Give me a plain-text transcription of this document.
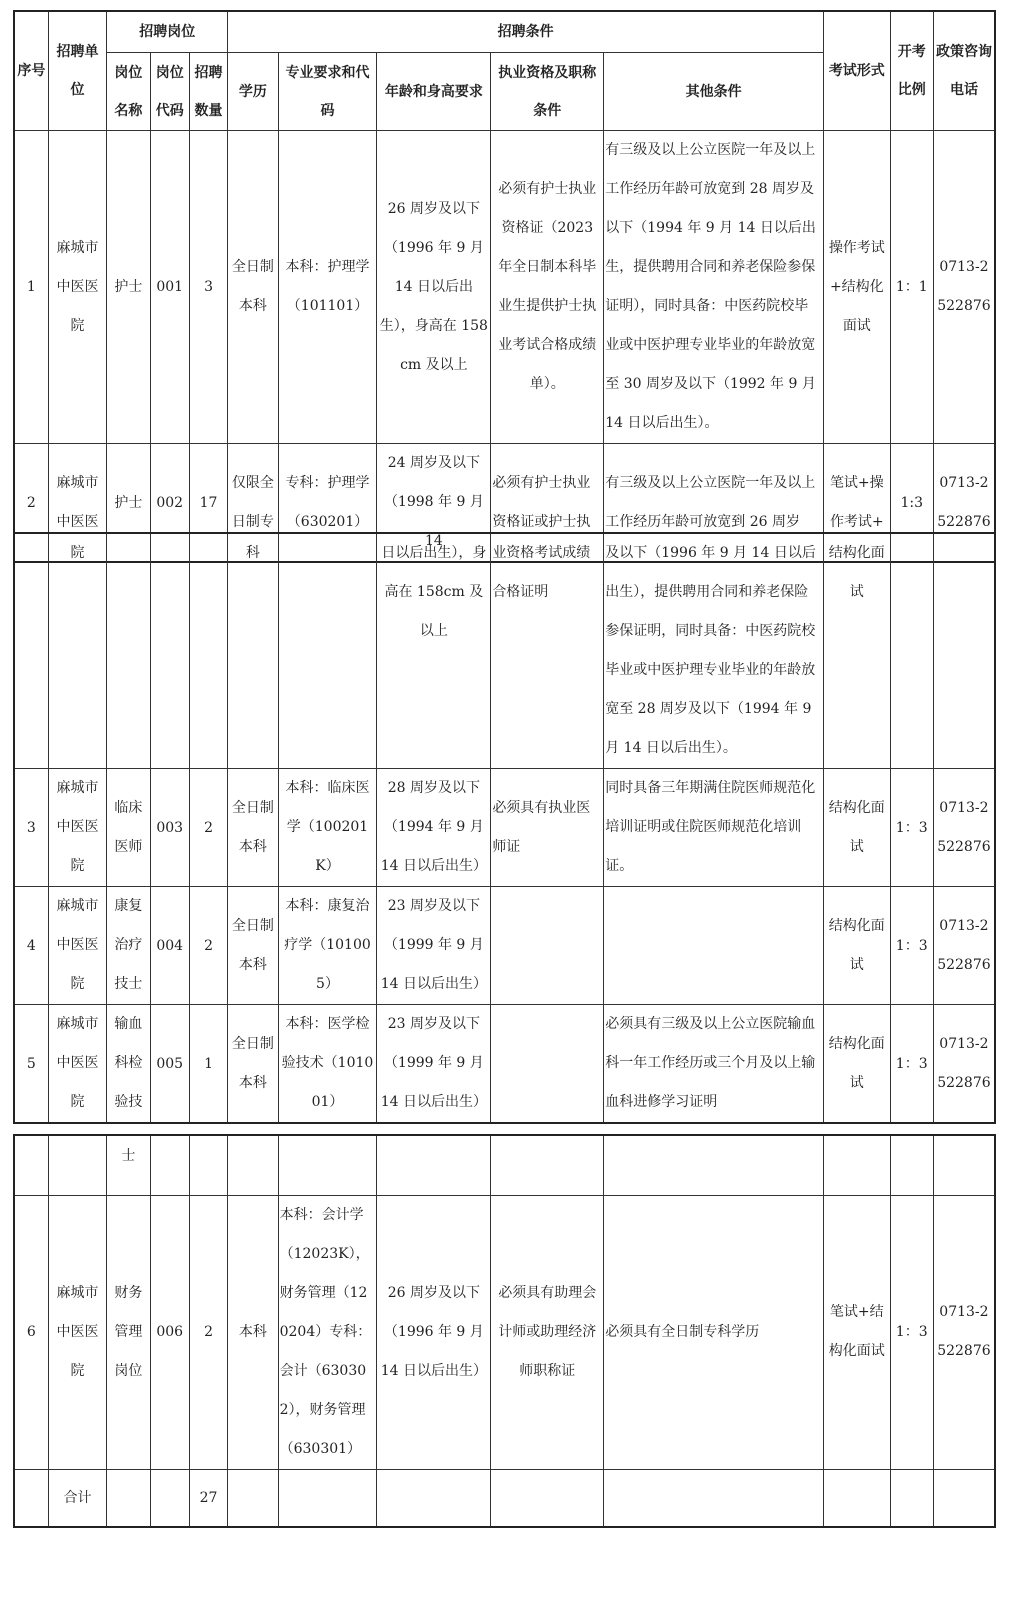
序号	招聘单位	招聘岗位			招聘条件					考试形式	开考比例	政策咨询电话
		岗位名称	岗位代码	招聘数量	学历	专业要求和代码	年龄和身高要求	执业资格及职称条件	其他条件			
1	麻城市中医医院	护士	001	3	全日制本科	本科：护理学（101101）	26 周岁及以下（1996 年 9 月 14 日以后出生），身高在 158cm 及以上	必须有护士执业资格证（2023 年全日制本科毕业生提供护士执业考试合格成绩单）。	有三级及以上公立医院一年及以上工作经历年龄可放宽到 28 周岁及以下（1994 年 9 月 14 日以后出生，提供聘用合同和养老保险参保证明），同时具备：中医药院校毕业或中医护理专业毕业的年龄放宽至 30 周岁及以下（1992 年 9 月 14 日以后出生）。	操作考试+结构化面试	1：1	0713-2522876
2	麻城市中医医	护士	002	17	仅限全日制专	专科：护理学（630201）	24 周岁及以下（1998 年 9 月 14	必须有护士执业资格证或护士执	有三级及以上公立医院一年及以上工作经历年龄可放宽到 26 周岁	笔试+操作考试+	1:3	0713-2522876
	院				科		日以后出生），身高在 158cm 及以上	业资格考试成绩合格证明	及以下（1996 年 9 月 14 日以后出生），提供聘用合同和养老保险参保证明，同时具备：中医药院校毕业或中医护理专业毕业的年龄放宽至 28 周岁及以下（1994 年 9 月 14 日以后出生）。	结构化面试		
3	麻城市中医医院	临床医师	003	2	全日制本科	本科：临床医学（100201K）	28 周岁及以下（1994 年 9 月 14 日以后出生）	必须具有执业医师证	同时具备三年期满住院医师规范化培训证明或住院医师规范化培训证。	结构化面试	1：3	0713-2522876
4	麻城市中医医院	康复治疗技士	004	2	全日制本科	本科：康复治疗学（101005）	23 周岁及以下（1999 年 9 月 14 日以后出生）			结构化面试	1：3	0713-2522876
5	麻城市中医医院	输血科检验技	005	1	全日制本科	本科：医学检验技术（101001）	23 周岁及以下（1999 年 9 月 14 日以后出生）		必须具有三级及以上公立医院输血科一年工作经历或三个月及以上输血科进修学习证明	结构化面试	1：3	0713-2522876
		士										
6	麻城市中医医院	财务管理岗位	006	2	本科	本科：会计学（12023K），财务管理（120204）专科：会计（630302），财务管理（630301）	26 周岁及以下（1996 年 9 月 14 日以后出生）	必须具有助理会计师或助理经济师职称证	必须具有全日制专科学历	笔试+结构化面试	1：3	0713-2522876
	合计			27								
